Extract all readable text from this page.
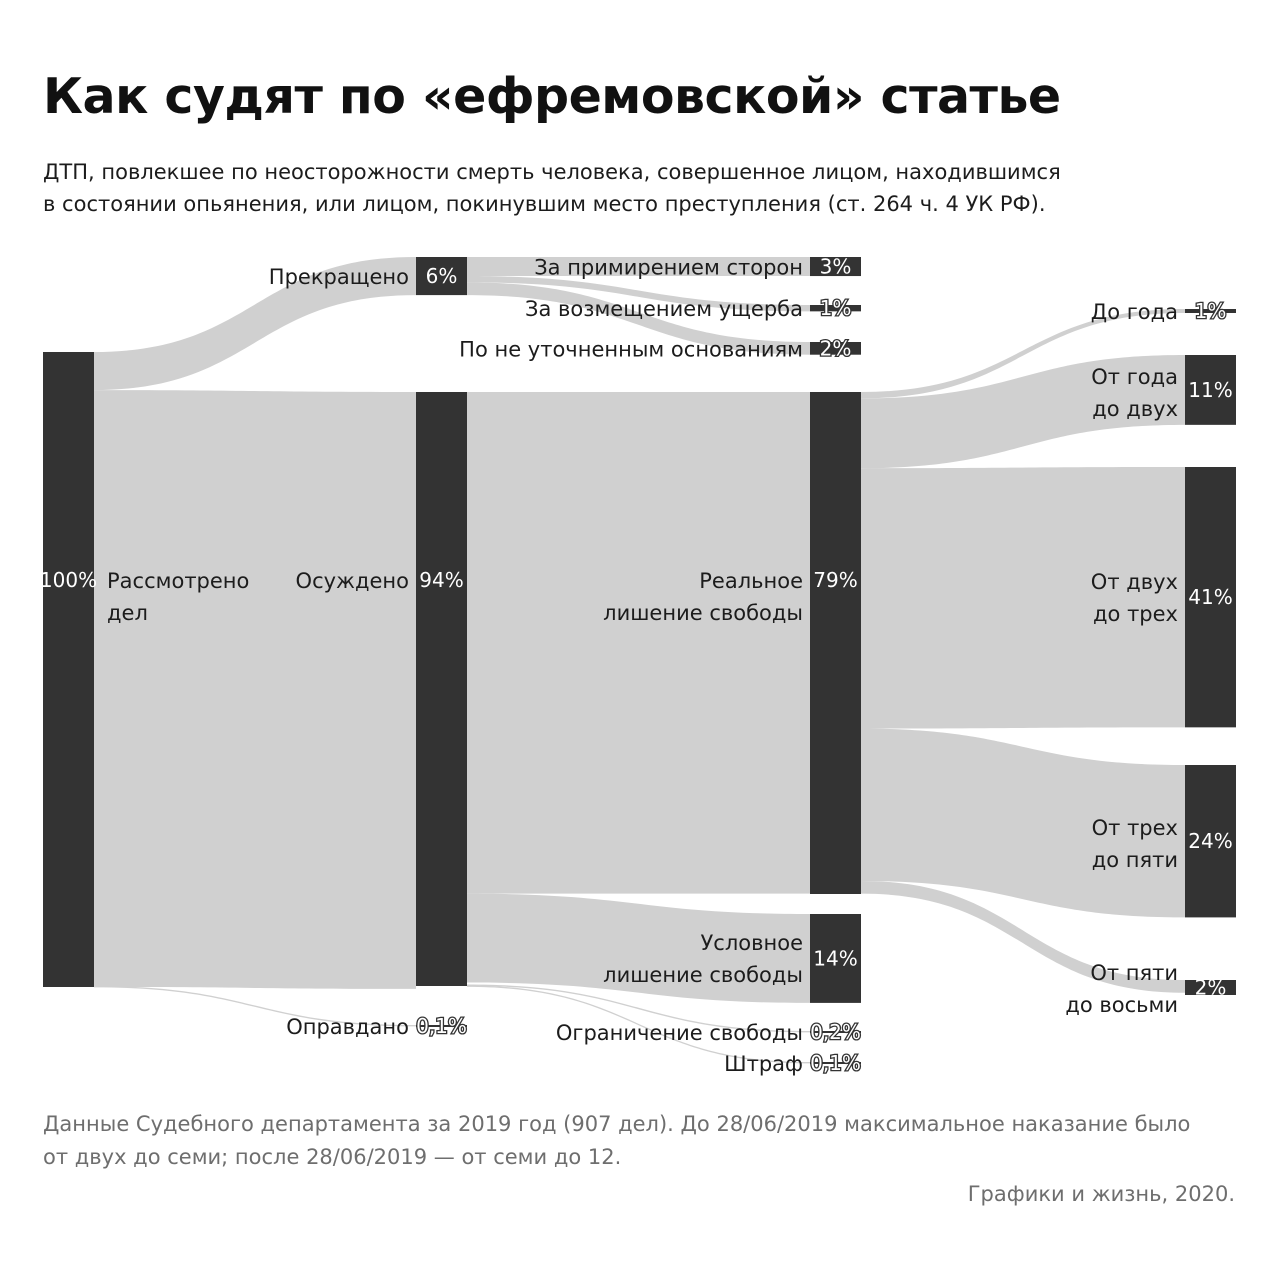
Как судят по «ефремовской» статье

ДТП, повлекшее по неосторожности смерть человека, совершенное лицом, находившимся
в состоянии опьянения, или лицом, покинувшим место преступления (ст. 264 ч. 4 УК РФ).

100% Рассмотрено
дел
6%
Прекращено
0,1%
Оправдано
94%
Осуждено
3%
За примирением сторон
1%
За возмещением ущерба
2%
По не уточненным основаниям
79%
Реальное
лишение свободы
14%
Условное
лишение свободы
0,2%
Ограничение свободы
0,1%
Штраф
1%
До года
11%
От года
до двух
41%
От двух
до трех
24%
От трех
до пяти
2%
От пяти
до восьми

Данные Судебного департамента за 2019 год (907 дел). До 28/06/2019 максимальное наказание было
от двух до семи; после 28/06/2019 — от семи до 12.

Графики и жизнь, 2020.
